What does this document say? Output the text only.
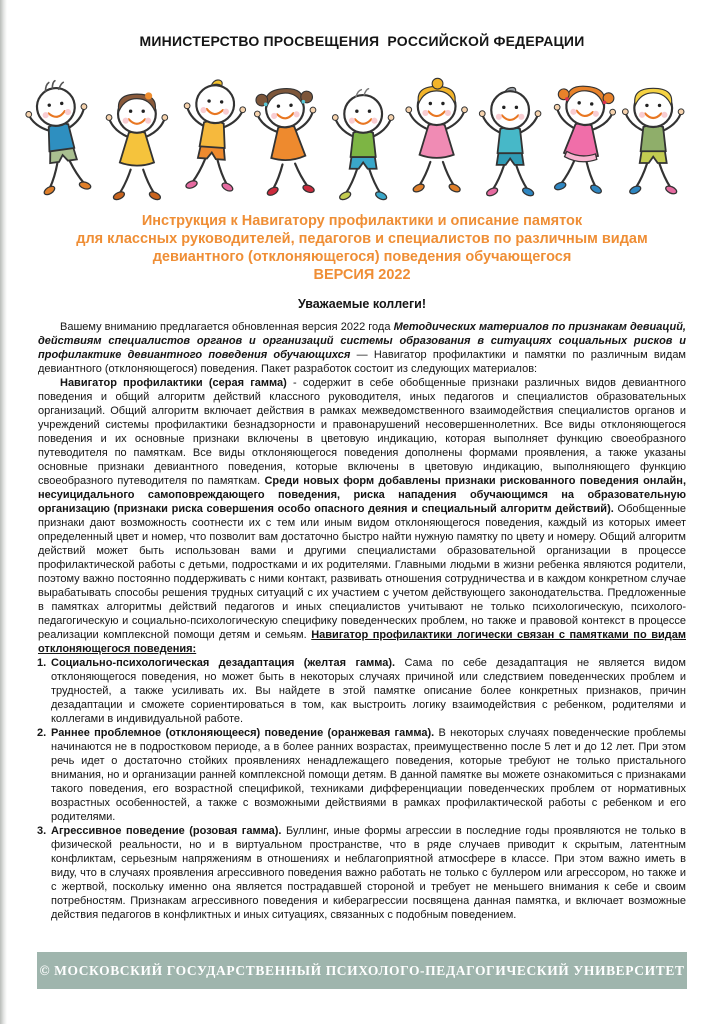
МИНИСТЕРСТВО ПРОСВЕЩЕНИЯ  РОССИЙСКОЙ ФЕДЕРАЦИИ
Инструкция к Навигатору профилактики и описание памяток
для классных руководителей, педагогов и специалистов по различным видам
девиантного (отклоняющегося) поведения обучающегося
ВЕРСИЯ 2022
Уважаемые коллеги!

Вашему вниманию предлагается обновленная версия 2022 года Методических материалов по признакам девиаций, действиям специалистов органов и организаций системы образования в ситуациях социальных рисков и профилактике девиантного поведения обучающихся — Навигатор профилактики и памятки по различным видам девиантного (отклоняющегося) поведения. Пакет разработок состоит из следующих материалов:

Навигатор профилактики (серая гамма) - содержит в себе обобщенные признаки различных видов девиантного поведения и общий алгоритм действий классного руководителя, иных педагогов и специалистов образовательных организаций. Общий алгоритм включает действия в рамках межведомственного взаимодействия специалистов органов и учреждений системы профилактики безнадзорности и правонарушений несовершеннолетних. Все виды отклоняющегося поведения и их основные признаки включены в цветовую индикацию, которая выполняет функцию своеобразного путеводителя по памяткам. Все виды отклоняющегося поведения дополнены формами проявления, а также указаны основные признаки девиантного поведения, которые включены в цветовую индикацию, выполняющего функцию своеобразного путеводителя по памяткам. Среди новых форм добавлены признаки рискованного поведения онлайн, несуицидального самоповреждающего поведения, риска нападения обучающимся на образовательную организацию (признаки риска совершения особо опасного деяния и специальный алгоритм действий). Обобщенные признаки дают возможность соотнести их с тем или иным видом отклоняющегося поведения, каждый из которых имеет определенный цвет и номер, что позволит вам достаточно быстро найти нужную памятку по цвету и номеру. Общий алгоритм действий может быть использован вами и другими специалистами образовательной организации в процессе профилактической работы с детьми, подростками и их родителями. Главными людьми в жизни ребенка являются родители, поэтому важно постоянно поддерживать с ними контакт, развивать отношения сотрудничества и в каждом конкретном случае вырабатывать способы решения трудных ситуаций с их участием с учетом действующего законодательства. Предложенные в памятках алгоритмы действий педагогов и иных специалистов учитывают не только психологическую, психолого-педагогическую и социально-психологическую специфику поведенческих проблем, но также и правовой контекст в процессе реализации комплексной помощи детям и семьям. Навигатор профилактики логически связан с памятками по видам отклоняющегося поведения:

1. Социально-психологическая дезадаптация (желтая гамма). Сама по себе дезадаптация не является видом отклоняющегося поведения, но может быть в некоторых случаях причиной или следствием поведенческих проблем и трудностей, а также усиливать их. Вы найдете в этой памятке описание более конкретных признаков, причин дезадаптации и сможете сориентироваться в том, как выстроить логику взаимодействия с ребенком, родителями и коллегами в индивидуальной работе.
2. Раннее проблемное (отклоняющееся) поведение (оранжевая гамма). В некоторых случаях поведенческие проблемы начинаются не в подростковом периоде, а в более ранних возрастах, преимущественно после 5 лет и до 12 лет. При этом речь идет о достаточно стойких проявлениях ненадлежащего поведения, которые требуют не только пристального внимания, но и организации ранней комплексной помощи детям. В данной памятке вы можете ознакомиться с признаками такого поведения, его возрастной спецификой, техниками дифференциации поведенческих проблем от нормативных возрастных особенностей, а также с возможными действиями в рамках профилактической работы с ребенком и его родителями.
3. Агрессивное поведение (розовая гамма). Буллинг, иные формы агрессии в последние годы проявляются не только в физической реальности, но и в виртуальном пространстве, что в ряде случаев приводит к скрытым, латентным конфликтам, серьезным напряжениям в отношениях и неблагоприятной атмосфере в классе. При этом важно иметь в виду, что в случаях проявления агрессивного поведения важно работать не только с буллером или агрессором, но также и с жертвой, поскольку именно она является пострадавшей стороной и требует не меньшего внимания к себе и своим потребностям. Признакам агрессивного поведения и киберагрессии посвящена данная памятка, и включает возможные действия педагогов в конфликтных и иных ситуациях, связанных с подобным поведением.
© МОСКОВСКИЙ ГОСУДАРСТВЕННЫЙ ПСИХОЛОГО-ПЕДАГОГИЧЕСКИЙ УНИВЕРСИТЕТ
